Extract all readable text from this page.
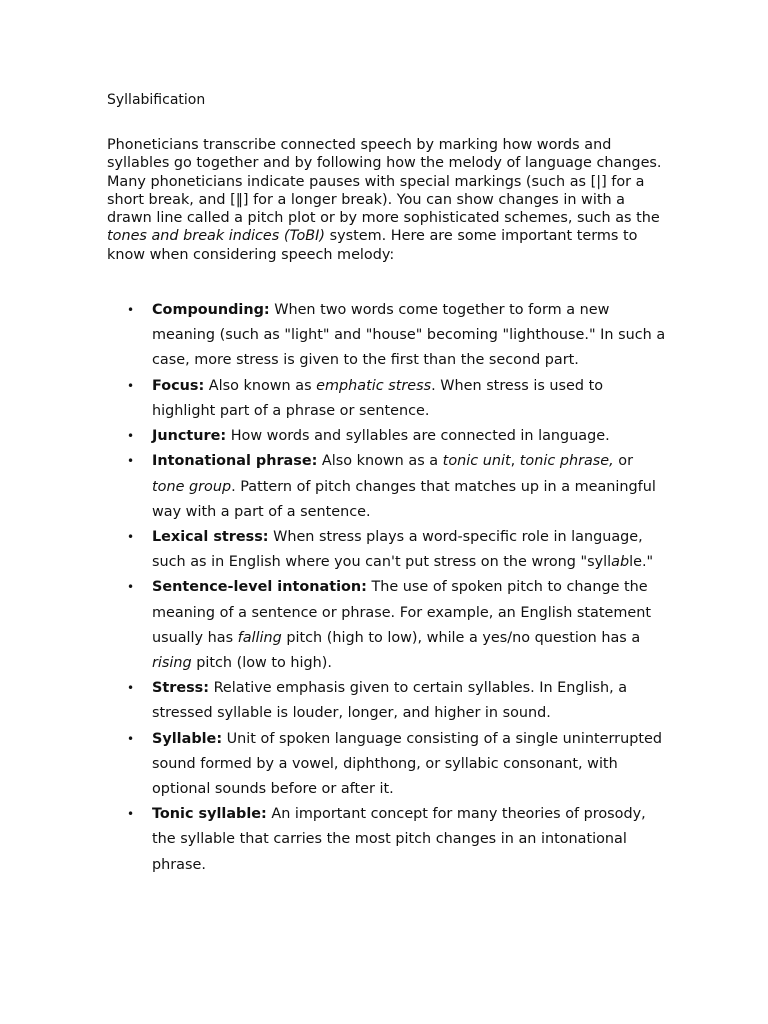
Syllabification

Phoneticians transcribe connected speech by marking how words and syllables go together and by following how the melody of language changes. Many phoneticians indicate pauses with special markings (such as [|] for a short break, and [‖] for a longer break). You can show changes in with a drawn line called a pitch plot or by more sophisticated schemes, such as the tones and break indices (ToBI) system. Here are some important terms to know when considering speech melody:

• Compounding: When two words come together to form a new meaning (such as "light" and "house" becoming "lighthouse." In such a case, more stress is given to the first than the second part.
• Focus: Also known as emphatic stress. When stress is used to highlight part of a phrase or sentence.
• Juncture: How words and syllables are connected in language.
• Intonational phrase: Also known as a tonic unit, tonic phrase, or tone group. Pattern of pitch changes that matches up in a meaningful way with a part of a sentence.
• Lexical stress: When stress plays a word-specific role in language, such as in English where you can't put stress on the wrong "syllable."
• Sentence-level intonation: The use of spoken pitch to change the meaning of a sentence or phrase. For example, an English statement usually has falling pitch (high to low), while a yes/no question has a rising pitch (low to high).
• Stress: Relative emphasis given to certain syllables. In English, a stressed syllable is louder, longer, and higher in sound.
• Syllable: Unit of spoken language consisting of a single uninterrupted sound formed by a vowel, diphthong, or syllabic consonant, with optional sounds before or after it.
• Tonic syllable: An important concept for many theories of prosody, the syllable that carries the most pitch changes in an intonational phrase.
